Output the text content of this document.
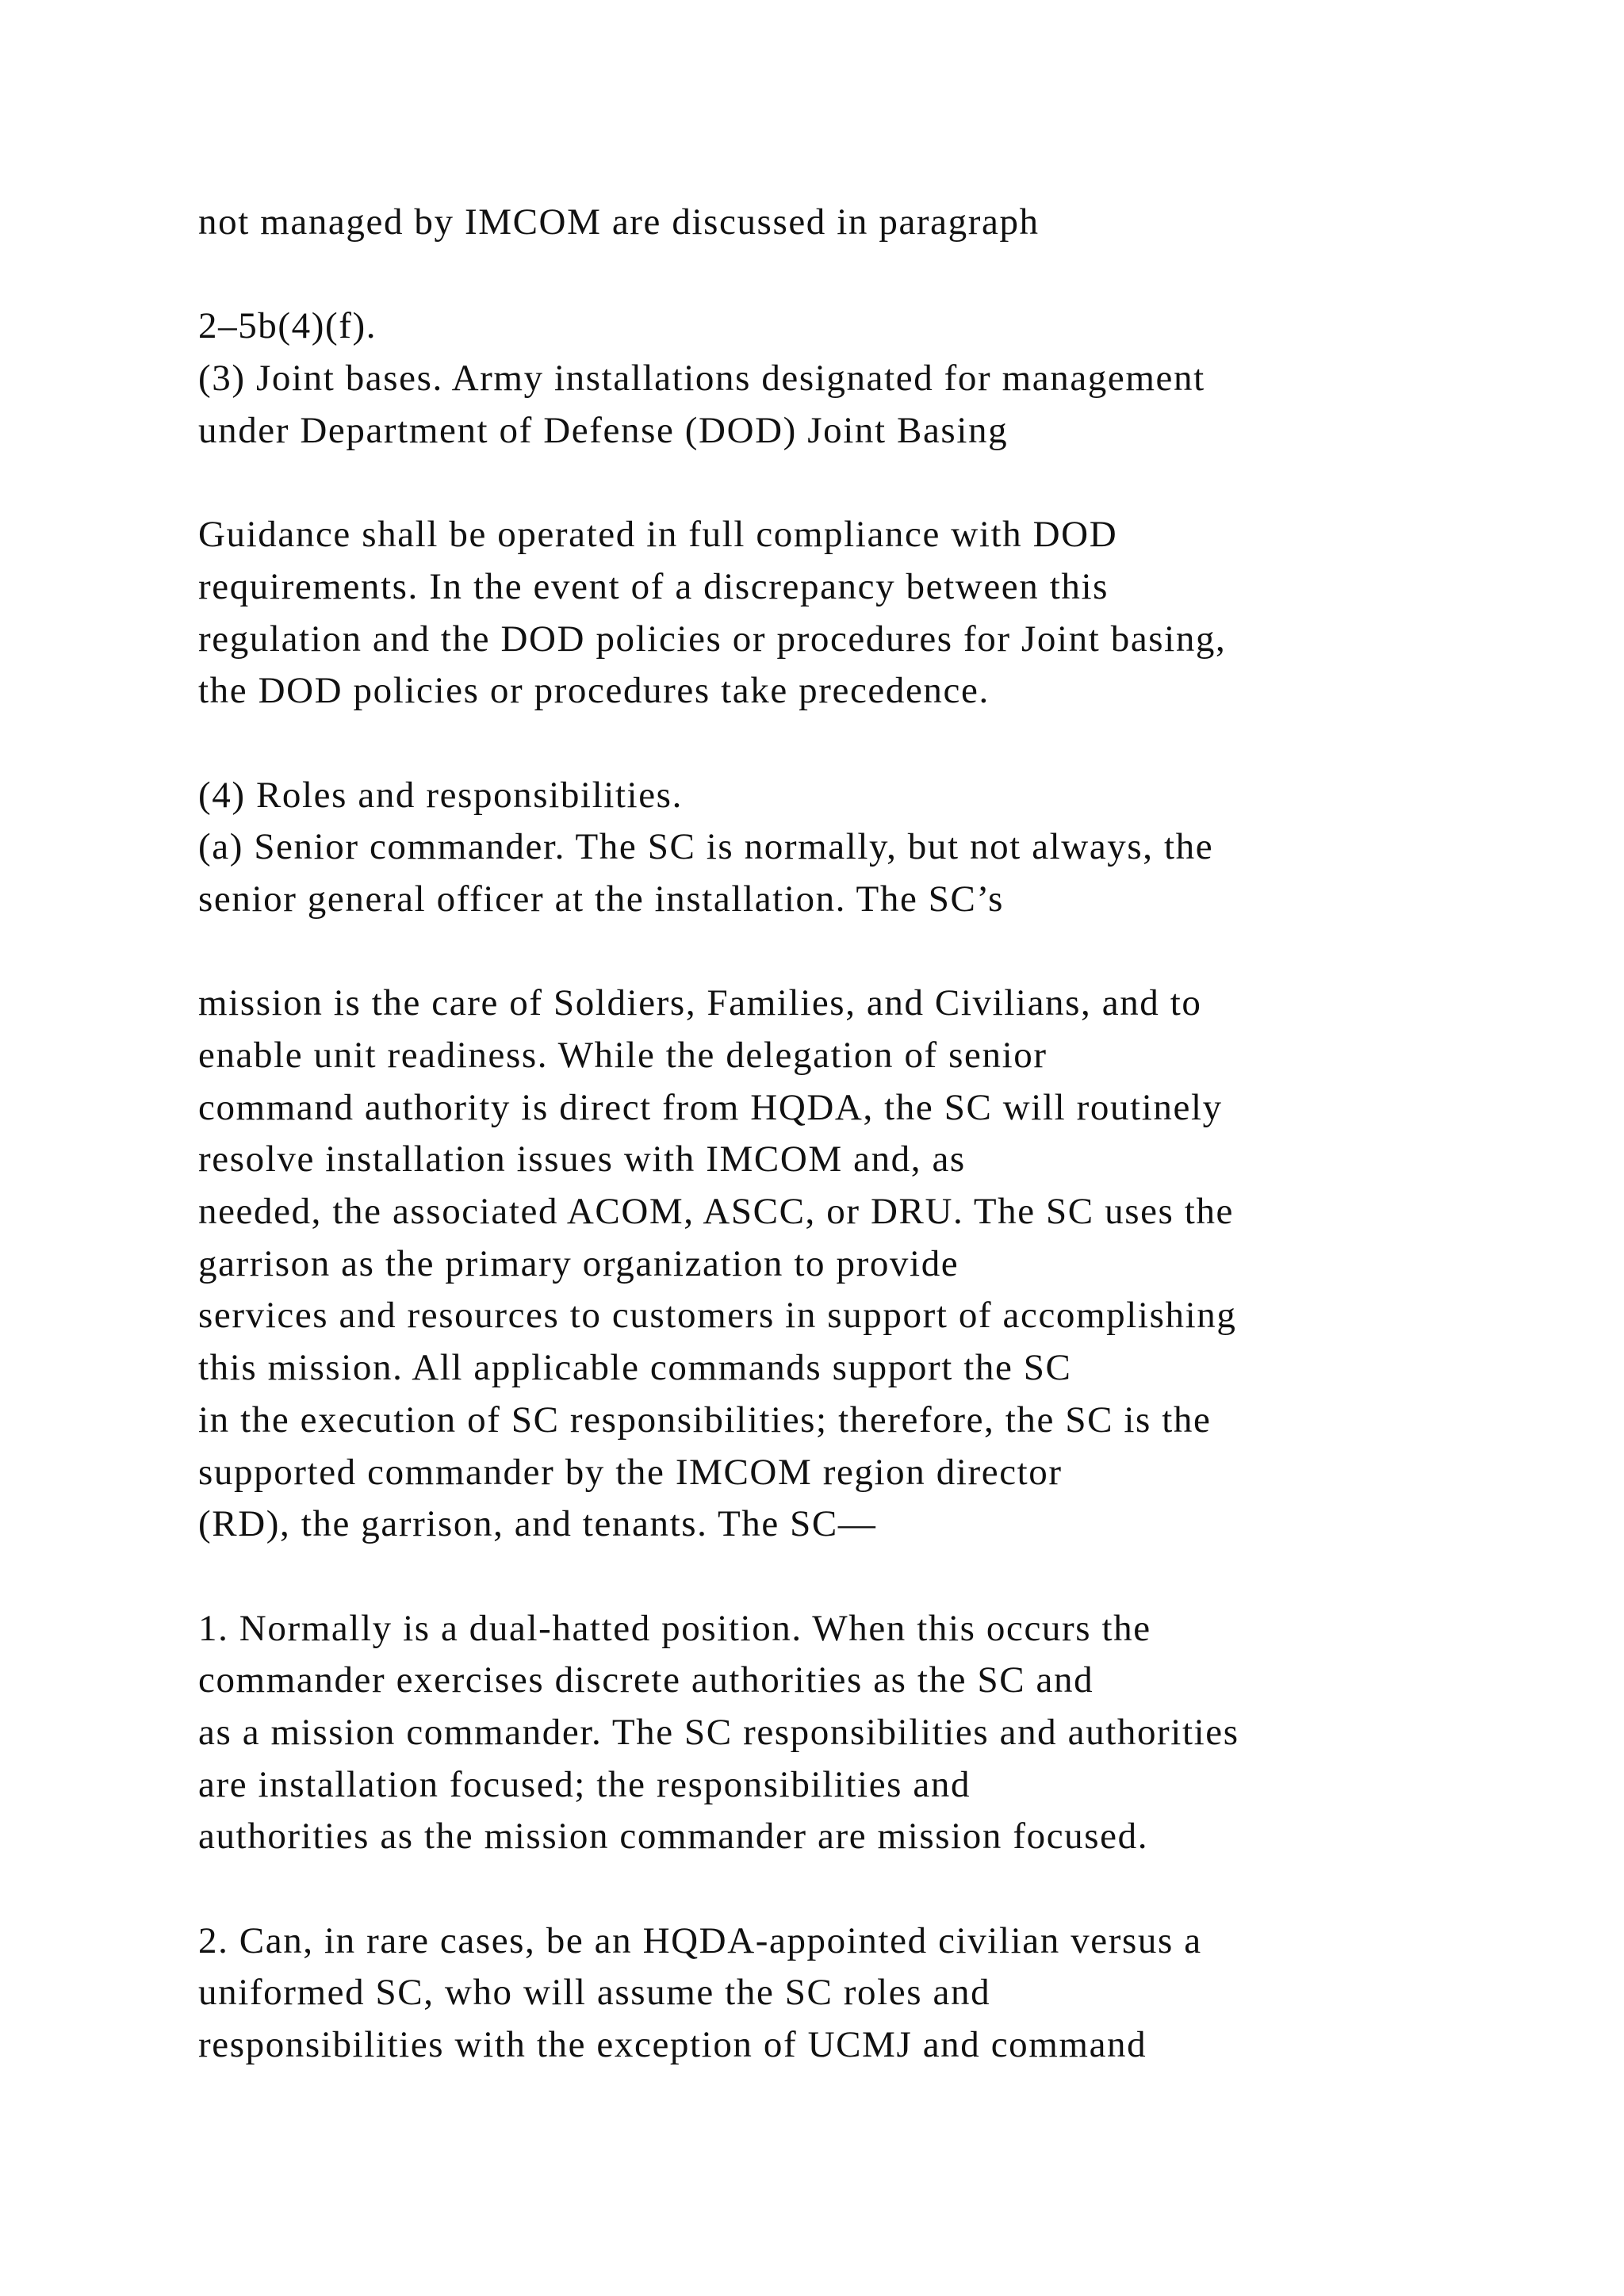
not managed by IMCOM are discussed in paragraph
2–5b(4)(f).
(3) Joint bases. Army installations designated for management
under Department of Defense (DOD) Joint Basing
Guidance shall be operated in full compliance with DOD
requirements. In the event of a discrepancy between this
regulation and the DOD policies or procedures for Joint basing,
the DOD policies or procedures take precedence.
(4) Roles and responsibilities.
(a) Senior commander. The SC is normally, but not always, the
senior general officer at the installation. The SC’s
mission is the care of Soldiers, Families, and Civilians, and to
enable unit readiness. While the delegation of senior
command authority is direct from HQDA, the SC will routinely
resolve installation issues with IMCOM and, as
needed, the associated ACOM, ASCC, or DRU. The SC uses the
garrison as the primary organization to provide
services and resources to customers in support of accomplishing
this mission. All applicable commands support the SC
in the execution of SC responsibilities; therefore, the SC is the
supported commander by the IMCOM region director
(RD), the garrison, and tenants. The SC—
1. Normally is a dual-hatted position. When this occurs the
commander exercises discrete authorities as the SC and
as a mission commander. The SC responsibilities and authorities
are installation focused; the responsibilities and
authorities as the mission commander are mission focused.
2. Can, in rare cases, be an HQDA-appointed civilian versus a
uniformed SC, who will assume the SC roles and
responsibilities with the exception of UCMJ and command
